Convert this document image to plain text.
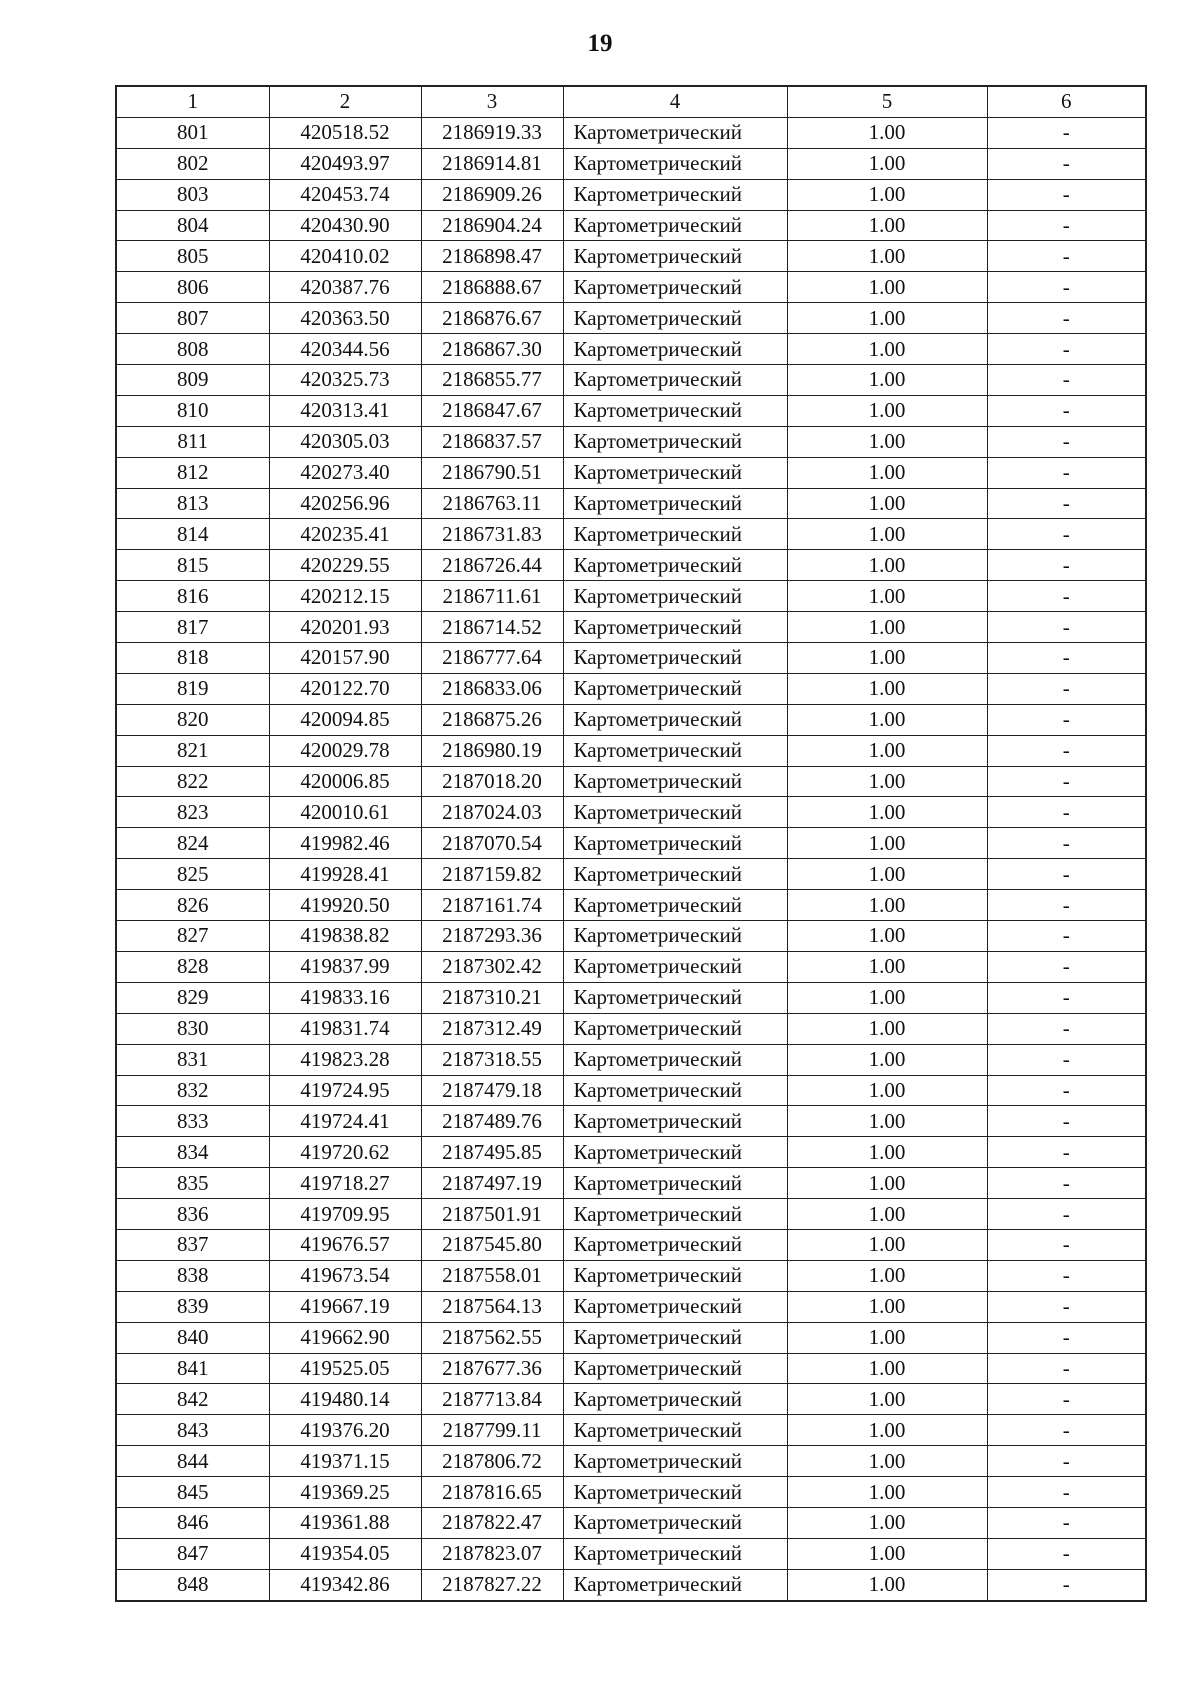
19
1	2	3	4	5	6
801	420518.52	2186919.33	Картометрический	1.00	-
802	420493.97	2186914.81	Картометрический	1.00	-
803	420453.74	2186909.26	Картометрический	1.00	-
804	420430.90	2186904.24	Картометрический	1.00	-
805	420410.02	2186898.47	Картометрический	1.00	-
806	420387.76	2186888.67	Картометрический	1.00	-
807	420363.50	2186876.67	Картометрический	1.00	-
808	420344.56	2186867.30	Картометрический	1.00	-
809	420325.73	2186855.77	Картометрический	1.00	-
810	420313.41	2186847.67	Картометрический	1.00	-
811	420305.03	2186837.57	Картометрический	1.00	-
812	420273.40	2186790.51	Картометрический	1.00	-
813	420256.96	2186763.11	Картометрический	1.00	-
814	420235.41	2186731.83	Картометрический	1.00	-
815	420229.55	2186726.44	Картометрический	1.00	-
816	420212.15	2186711.61	Картометрический	1.00	-
817	420201.93	2186714.52	Картометрический	1.00	-
818	420157.90	2186777.64	Картометрический	1.00	-
819	420122.70	2186833.06	Картометрический	1.00	-
820	420094.85	2186875.26	Картометрический	1.00	-
821	420029.78	2186980.19	Картометрический	1.00	-
822	420006.85	2187018.20	Картометрический	1.00	-
823	420010.61	2187024.03	Картометрический	1.00	-
824	419982.46	2187070.54	Картометрический	1.00	-
825	419928.41	2187159.82	Картометрический	1.00	-
826	419920.50	2187161.74	Картометрический	1.00	-
827	419838.82	2187293.36	Картометрический	1.00	-
828	419837.99	2187302.42	Картометрический	1.00	-
829	419833.16	2187310.21	Картометрический	1.00	-
830	419831.74	2187312.49	Картометрический	1.00	-
831	419823.28	2187318.55	Картометрический	1.00	-
832	419724.95	2187479.18	Картометрический	1.00	-
833	419724.41	2187489.76	Картометрический	1.00	-
834	419720.62	2187495.85	Картометрический	1.00	-
835	419718.27	2187497.19	Картометрический	1.00	-
836	419709.95	2187501.91	Картометрический	1.00	-
837	419676.57	2187545.80	Картометрический	1.00	-
838	419673.54	2187558.01	Картометрический	1.00	-
839	419667.19	2187564.13	Картометрический	1.00	-
840	419662.90	2187562.55	Картометрический	1.00	-
841	419525.05	2187677.36	Картометрический	1.00	-
842	419480.14	2187713.84	Картометрический	1.00	-
843	419376.20	2187799.11	Картометрический	1.00	-
844	419371.15	2187806.72	Картометрический	1.00	-
845	419369.25	2187816.65	Картометрический	1.00	-
846	419361.88	2187822.47	Картометрический	1.00	-
847	419354.05	2187823.07	Картометрический	1.00	-
848	419342.86	2187827.22	Картометрический	1.00	-
